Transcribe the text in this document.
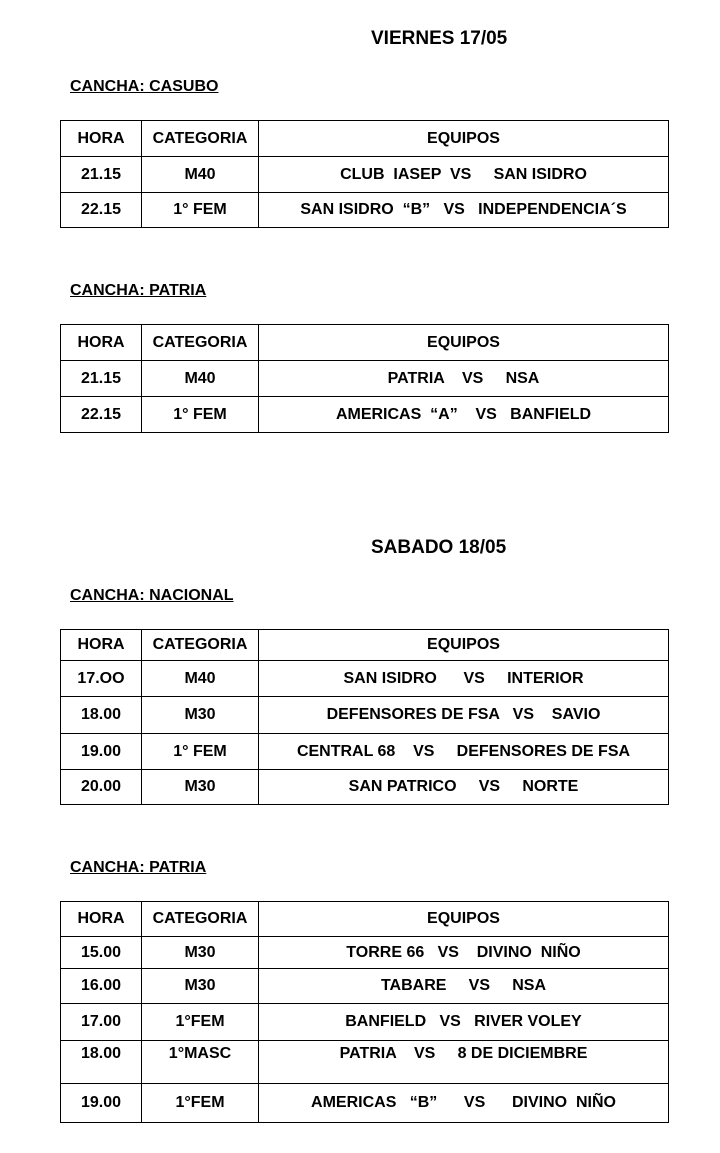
VIERNES 17/05
CANCHA: CASUBO
HORA	CATEGORIA	EQUIPOS
21.15	M40	CLUB  IASEP  VS     SAN ISIDRO
22.15	1° FEM	SAN ISIDRO  “B”   VS   INDEPENDENCIA´S
CANCHA: PATRIA
HORA	CATEGORIA	EQUIPOS
21.15	M40	PATRIA    VS     NSA
22.15	1° FEM	AMERICAS  “A”    VS   BANFIELD
SABADO 18/05
CANCHA: NACIONAL
HORA	CATEGORIA	EQUIPOS
17.OO	M40	SAN ISIDRO      VS     INTERIOR
18.00	M30	DEFENSORES DE FSA   VS    SAVIO
19.00	1° FEM	CENTRAL 68    VS     DEFENSORES DE FSA
20.00	M30	SAN PATRICO     VS     NORTE
CANCHA: PATRIA
HORA	CATEGORIA	EQUIPOS
15.00	M30	TORRE 66   VS    DIVINO  NIÑO
16.00	M30	TABARE     VS     NSA
17.00	1°FEM	BANFIELD   VS   RIVER VOLEY
18.00	1°MASC	PATRIA    VS     8 DE DICIEMBRE
19.00	1°FEM	AMERICAS   “B”      VS      DIVINO  NIÑO
